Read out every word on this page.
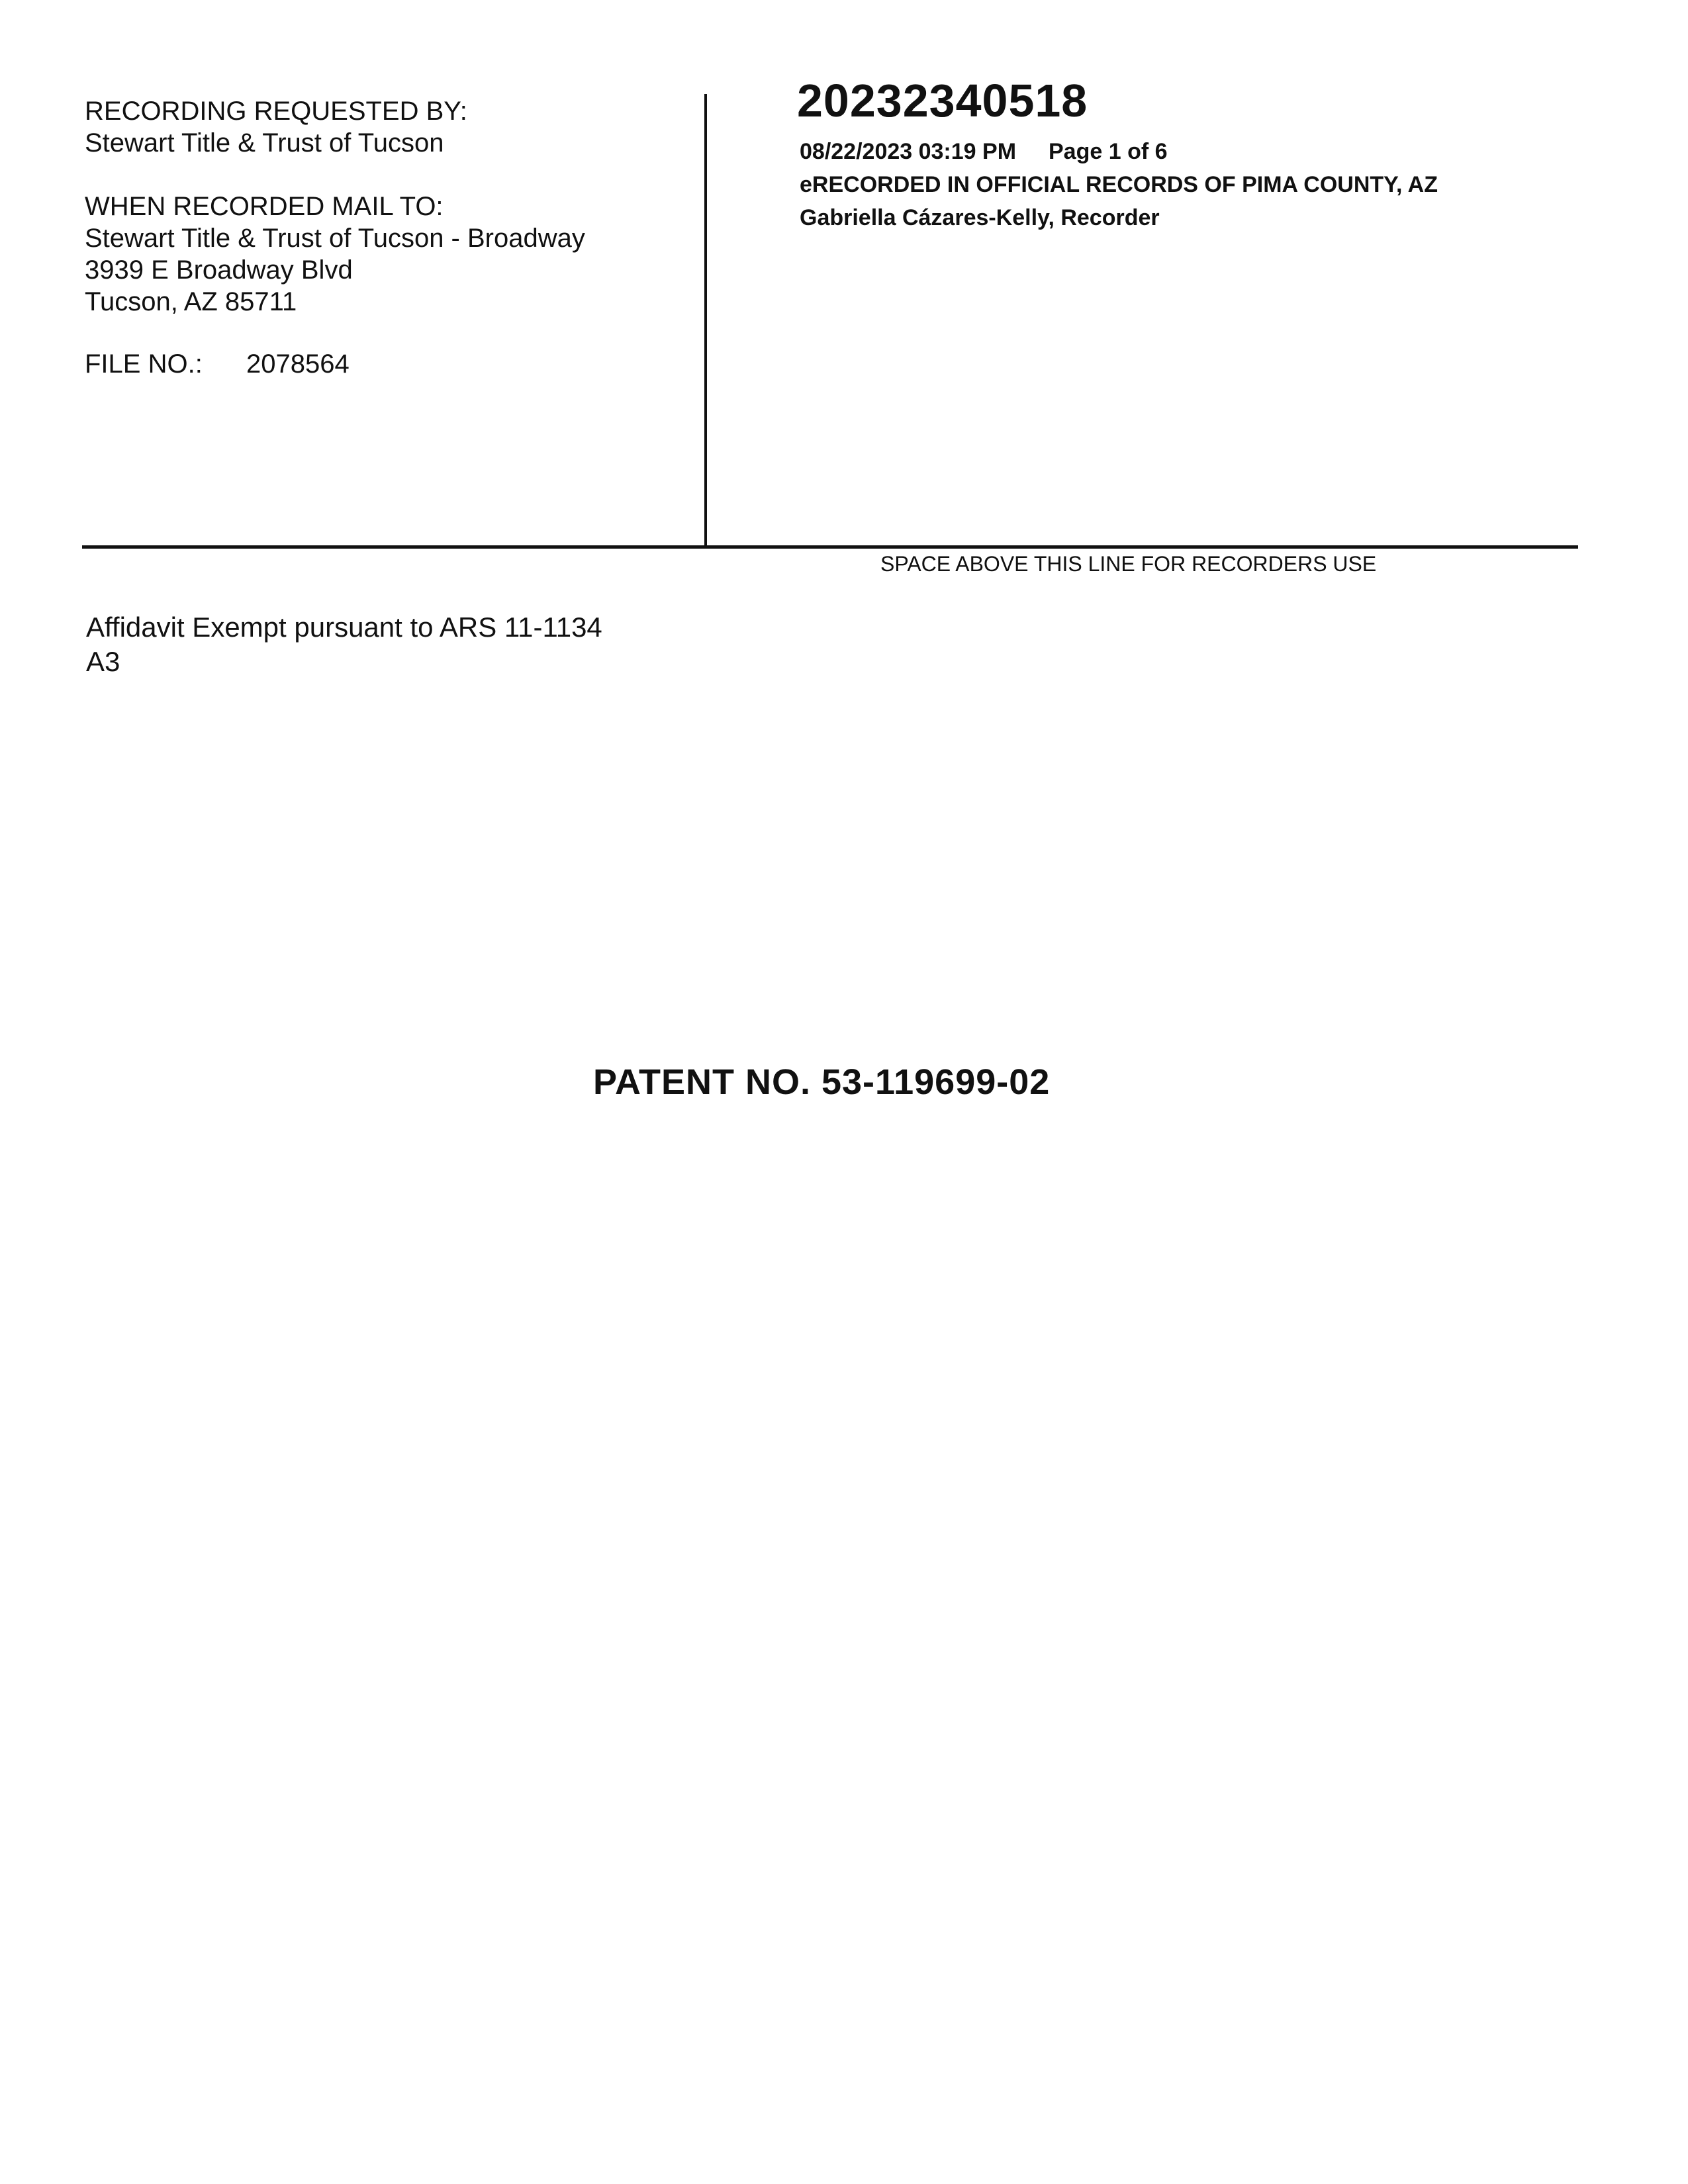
RECORDING REQUESTED BY:
Stewart Title & Trust of Tucson
WHEN RECORDED MAIL TO:
Stewart Title & Trust of Tucson - Broadway
3939 E Broadway Blvd
Tucson, AZ 85711
FILE NO.: 2078564
20232340518
08/22/2023 03:19 PM Page 1 of 6
eRECORDED IN OFFICIAL RECORDS OF PIMA COUNTY, AZ
Gabriella Cázares-Kelly, Recorder
SPACE ABOVE THIS LINE FOR RECORDERS USE
Affidavit Exempt pursuant to ARS 11-1134
A3
PATENT NO. 53-119699-02
